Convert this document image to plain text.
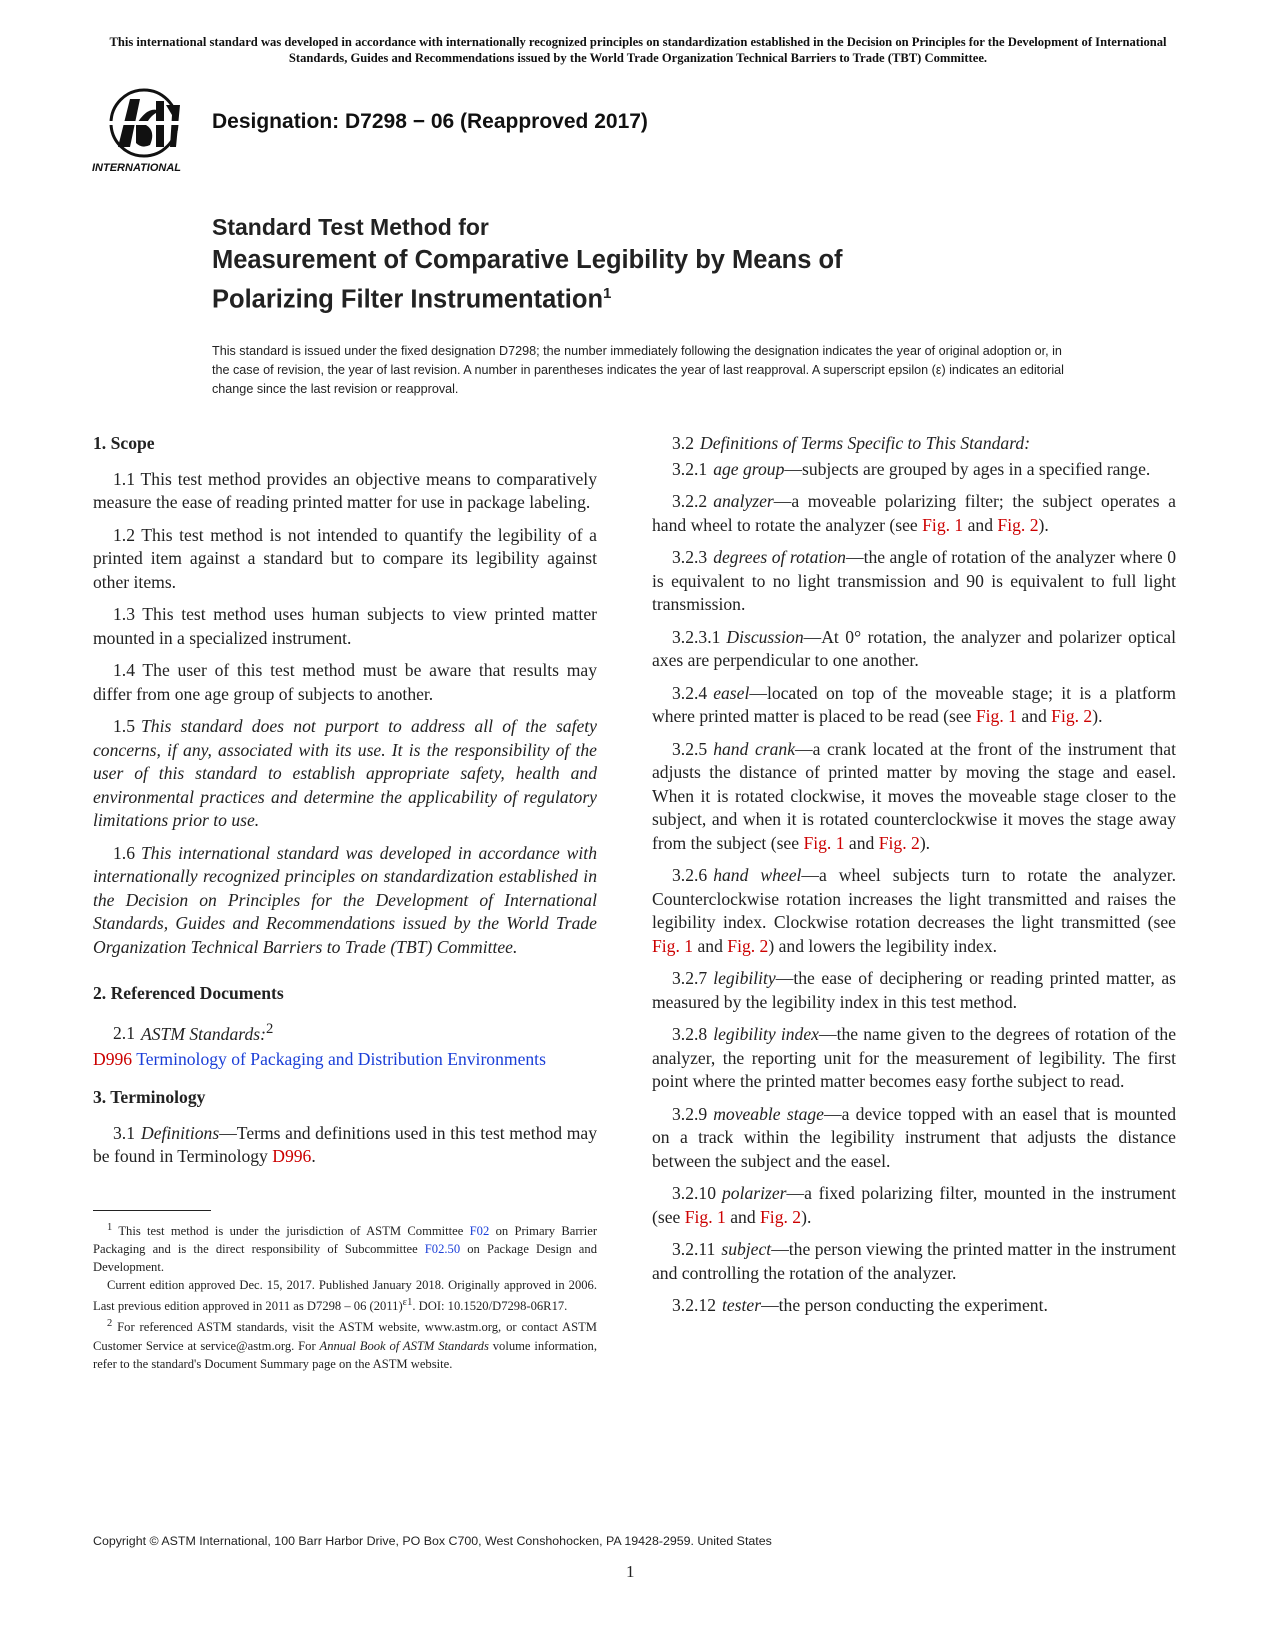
This international standard was developed in accordance with internationally recognized principles on standardization established in the Decision on Principles for the Development of International Standards, Guides and Recommendations issued by the World Trade Organization Technical Barriers to Trade (TBT) Committee.
INTERNATIONAL
Designation: D7298 − 06 (Reapproved 2017)
Standard Test Method for
Measurement of Comparative Legibility by Means of
Polarizing Filter Instrumentation$^1$
This standard is issued under the fixed designation D7298; the number immediately following the designation indicates the year of original adoption or, in the case of revision, the year of last revision. A number in parentheses indicates the year of last reapproval. A superscript epsilon (ε) indicates an editorial change since the last revision or reapproval.
1. Scope

1.1 This test method provides an objective means to comparatively measure the ease of reading printed matter for use in package labeling.

1.2 This test method is not intended to quantify the legibility of a printed item against a standard but to compare its legibility against other items.

1.3 This test method uses human subjects to view printed matter mounted in a specialized instrument.

1.4 The user of this test method must be aware that results may differ from one age group of subjects to another.

1.5 This standard does not purport to address all of the safety concerns, if any, associated with its use. It is the responsibility of the user of this standard to establish appropriate safety, health and environmental practices and determine the applicability of regulatory limitations prior to use.

1.6 This international standard was developed in accordance with internationally recognized principles on standardization established in the Decision on Principles for the Development of International Standards, Guides and Recommendations issued by the World Trade Organization Technical Barriers to Trade (TBT) Committee.

2. Referenced Documents

2.1 ASTM Standards:$^2$

D996 Terminology of Packaging and Distribution Environments

3. Terminology

3.1 Definitions—Terms and definitions used in this test method may be found in Terminology D996.

$^1$ This test method is under the jurisdiction of ASTM Committee F02 on Primary Barrier Packaging and is the direct responsibility of Subcommittee F02.50 on Package Design and Development.

Current edition approved Dec. 15, 2017. Published January 2018. Originally approved in 2006. Last previous edition approved in 2011 as D7298 – 06 $(2011)^{\varepsilon 1}$. DOI: 10.1520/D7298-06R17.

$^2$ For referenced ASTM standards, visit the ASTM website, www.astm.org, or contact ASTM Customer Service at service@astm.org. For Annual Book of ASTM Standards volume information, refer to the standard's Document Summary page on the ASTM website.

3.2 Definitions of Terms Specific to This Standard:

3.2.1 age group—subjects are grouped by ages in a specified range.

3.2.2 analyzer—a moveable polarizing filter; the subject operates a hand wheel to rotate the analyzer (see Fig. 1 and Fig. 2).

3.2.3 degrees of rotation—the angle of rotation of the analyzer where 0 is equivalent to no light transmission and 90 is equivalent to full light transmission.

3.2.3.1 Discussion—At 0° rotation, the analyzer and polarizer optical axes are perpendicular to one another.

3.2.4 easel—located on top of the moveable stage; it is a platform where printed matter is placed to be read (see Fig. 1 and Fig. 2).

3.2.5 hand crank—a crank located at the front of the instrument that adjusts the distance of printed matter by moving the stage and easel. When it is rotated clockwise, it moves the moveable stage closer to the subject, and when it is rotated counterclockwise it moves the stage away from the subject (see Fig. 1 and Fig. 2).

3.2.6 hand wheel—a wheel subjects turn to rotate the analyzer. Counterclockwise rotation increases the light transmitted and raises the legibility index. Clockwise rotation decreases the light transmitted (see Fig. 1 and Fig. 2) and lowers the legibility index.

3.2.7 legibility—the ease of deciphering or reading printed matter, as measured by the legibility index in this test method.

3.2.8 legibility index—the name given to the degrees of rotation of the analyzer, the reporting unit for the measurement of legibility. The first point where the printed matter becomes easy forthe subject to read.

3.2.9 moveable stage—a device topped with an easel that is mounted on a track within the legibility instrument that adjusts the distance between the subject and the easel.

3.2.10 polarizer—a fixed polarizing filter, mounted in the instrument (see Fig. 1 and Fig. 2).

3.2.11 subject—the person viewing the printed matter in the instrument and controlling the rotation of the analyzer.

3.2.12 tester—the person conducting the experiment.

Copyright © ASTM International, 100 Barr Harbor Drive, PO Box C700, West Conshohocken, PA 19428-2959. United States
1
